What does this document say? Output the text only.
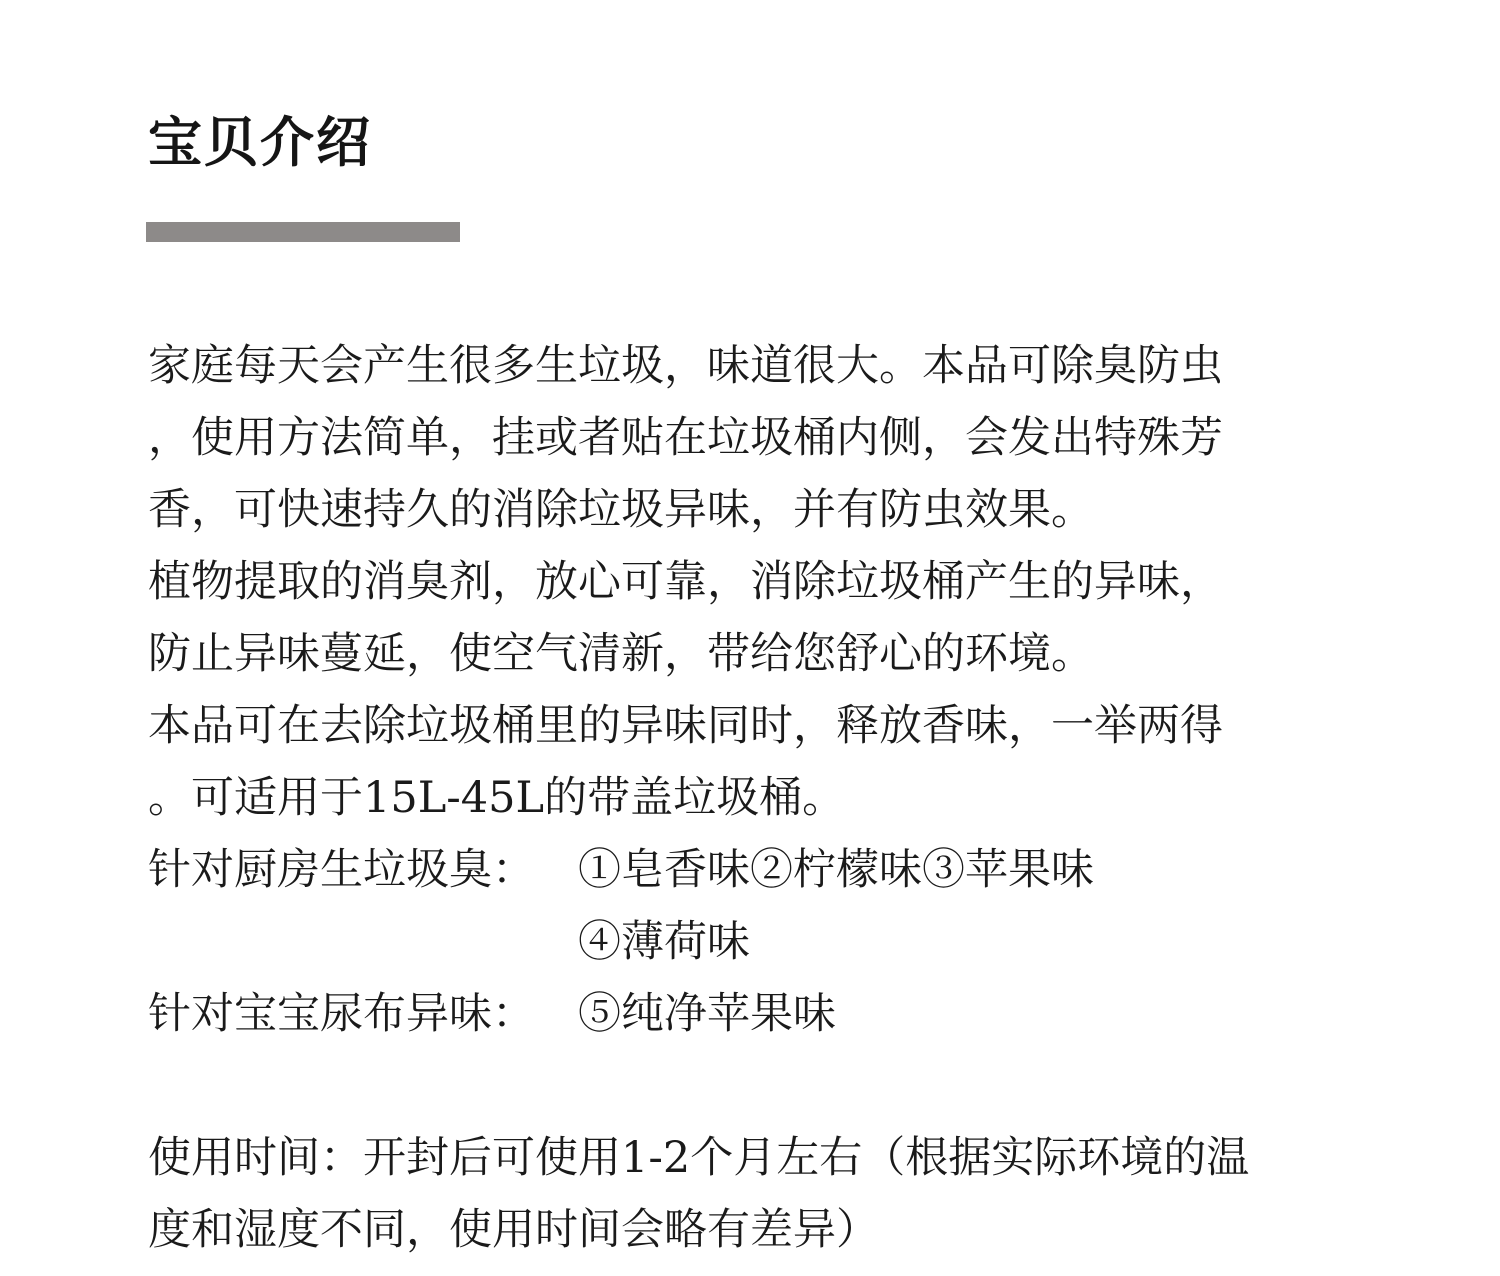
宝贝介绍
家庭每天会产生很多生垃圾，味道很大。本品可除臭防虫
，使用方法简单，挂或者贴在垃圾桶内侧，会发出特殊芳
香，可快速持久的消除垃圾异味，并有防虫效果。
植物提取的消臭剂，放心可靠，消除垃圾桶产生的异味，
防止异味蔓延，使空气清新，带给您舒心的环境。
本品可在去除垃圾桶里的异味同时，释放香味，一举两得
。可适用于15L-45L的带盖垃圾桶。
针对厨房生垃圾臭：	①皂香味②柠檬味③苹果味
④薄荷味
针对宝宝尿布异味：	⑤纯净苹果味
使用时间：开封后可使用1-2个月左右（根据实际环境的温
度和湿度不同，使用时间会略有差异）
